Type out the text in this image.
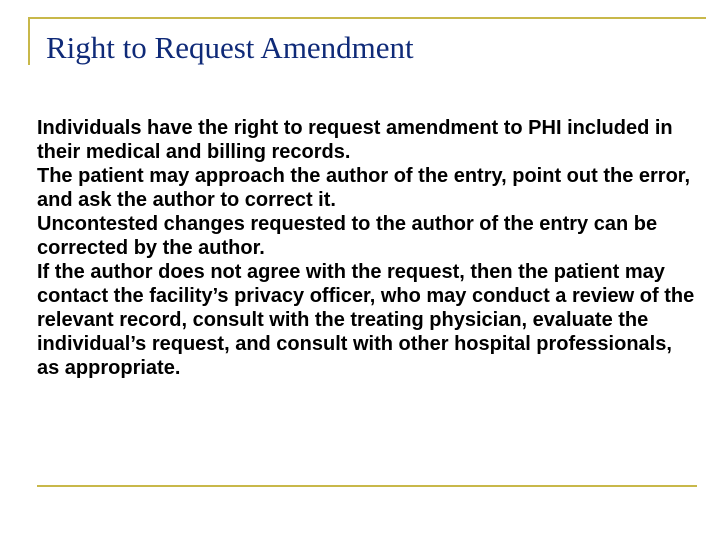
Right to Request Amendment

Individuals have the right to request amendment to PHI included in their medical and billing records.

The patient may approach the author of the entry, point out the error, and ask the author to correct it.

Uncontested changes requested to the author of the entry can be corrected by the author.

If the author does not agree with the request, then the patient may contact the facility’s privacy officer, who may conduct a review of the relevant record, consult with the treating physician, evaluate the individual’s request, and consult with other hospital professionals, as appropriate.
